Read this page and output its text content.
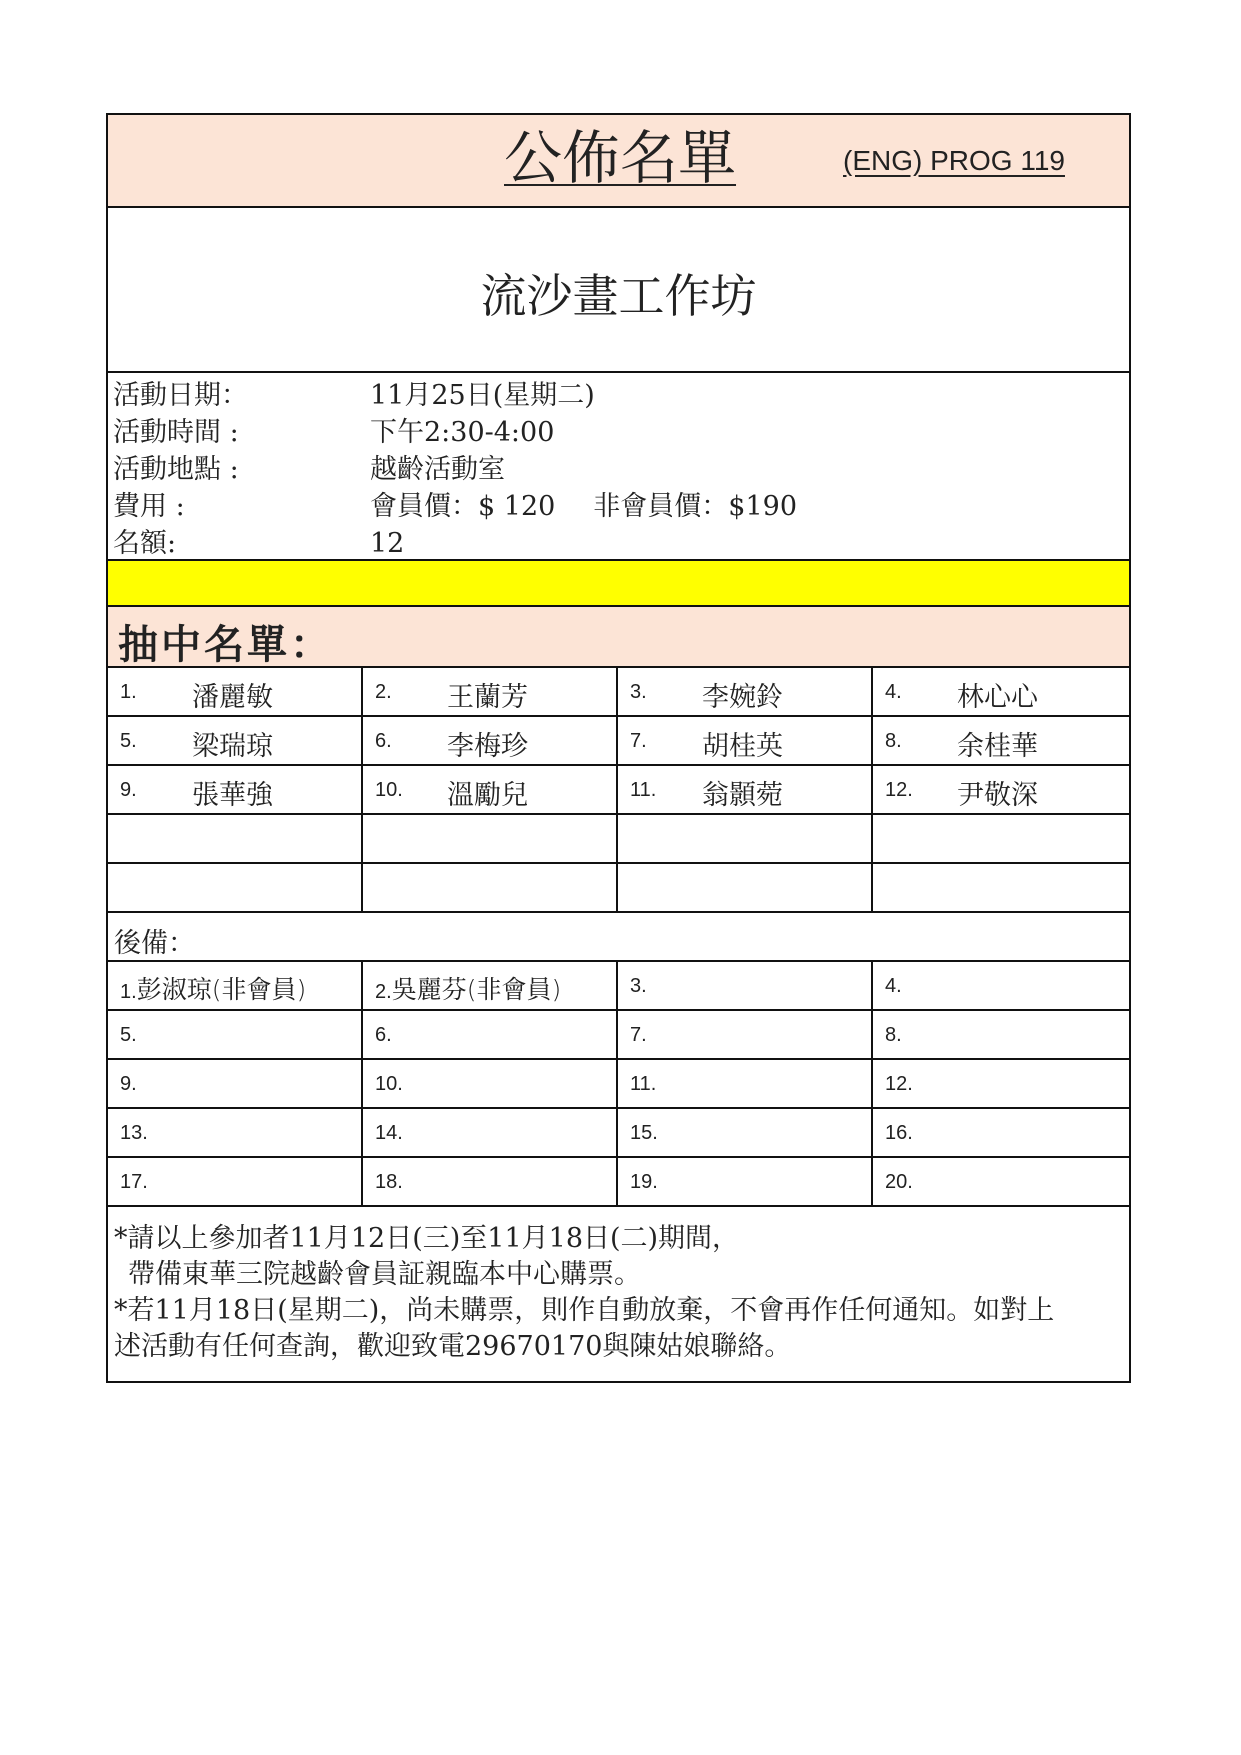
公佈名單	(ENG) PROG 119
流沙畫工作坊
活動日期：	11月25日(星期二)
活動時間 :	下午2:30-4:00
活動地點 :	越齡活動室
費用 :	會員價：$ 120 非會員價：$190
名額:	12
抽中名單：
1. 潘麗敏	2. 王蘭芳	3. 李婉鈴	4. 林心心
5. 梁瑞琼	6. 李梅珍	7. 胡桂英	8. 余桂華
9. 張華強	10. 溫勵兒	11. 翁顥菀	12. 尹敬深
後備：
1.彭淑琼(非會員)	2.吳麗芬(非會員)	3.	4.
5.	6.	7.	8.
9.	10.	11.	12.
13.	14.	15.	16.
17.	18.	19.	20.
*請以上參加者11月12日(三)至11月18日(二)期間，
帶備東華三院越齡會員証親臨本中心購票。
*若11月18日(星期二)，尚未購票，則作自動放棄，不會再作任何通知。如對上
述活動有任何查詢，歡迎致電29670170與陳姑娘聯絡。
